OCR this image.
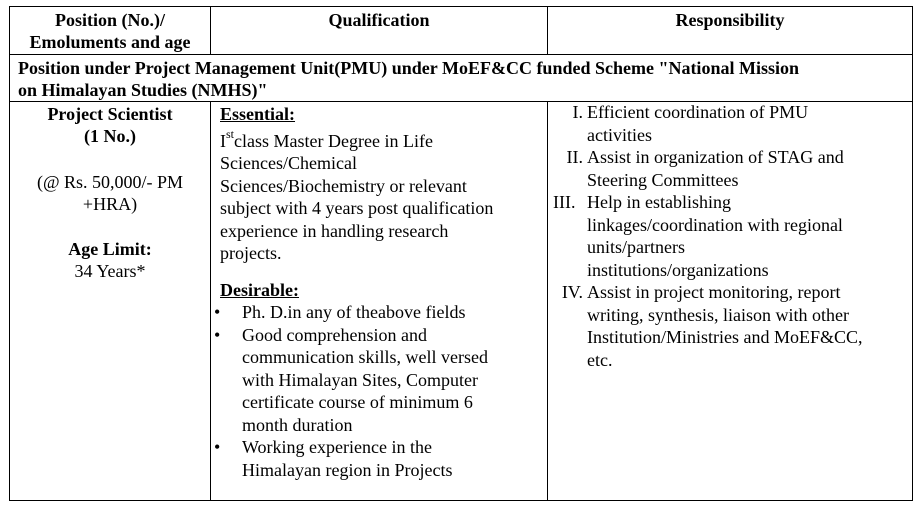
Position (No.)/
Emoluments and age
Qualification	Responsibility
Position under Project Management Unit(PMU) under MoEF&CC funded Scheme "National Mission
on Himalayan Studies (NMHS)"
Project Scientist
(1 No.)
(@ Rs. 50,000/- PM
+HRA)
Age Limit:
34 Years*
Essential:
Istclass Master Degree in Life
Sciences/Chemical
Sciences/Biochemistry or relevant
subject with 4 years post qualification
experience in handling research
projects.
Desirable:
• Ph. D.in any of theabove fields
• Good comprehension and
communication skills, well versed
with Himalayan Sites, Computer
certificate course of minimum 6
month duration
• Working experience in the
Himalayan region in Projects
I. Efficient coordination of PMU
activities
II. Assist in organization of STAG and
Steering Committees
III. Help in establishing
linkages/coordination with regional
units/partners
institutions/organizations
IV. Assist in project monitoring, report
writing, synthesis, liaison with other
Institution/Ministries and MoEF&CC,
etc.
